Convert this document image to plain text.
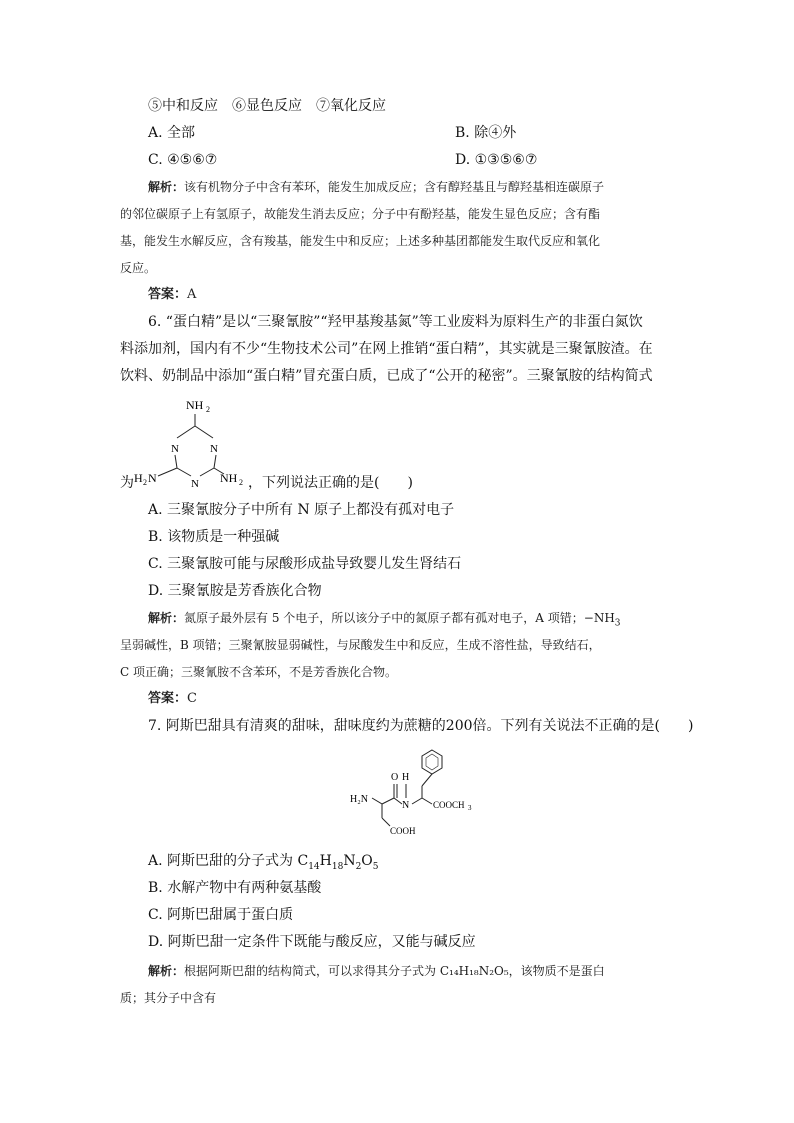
⑤中和反应　⑥显色反应　⑦氧化反应
A. 全部	B. 除④外
C. ④⑤⑥⑦	D. ①③⑤⑥⑦
解析：该有机物分子中含有苯环，能发生加成反应；含有醇羟基且与醇羟基相连碳原子
的邻位碳原子上有氢原子，故能发生消去反应；分子中有酚羟基，能发生显色反应；含有酯
基，能发生水解反应，含有羧基，能发生中和反应；上述多种基团都能发生取代反应和氧化
反应。
答案：A
6. “蛋白精”是以“三聚氰胺”“羟甲基羧基氮”等工业废料为原料生产的非蛋白氮饮
料添加剂，国内有不少“生物技术公司”在网上推销“蛋白精”，其实就是三聚氰胺渣。在
饮料、奶制品中添加“蛋白精”冒充蛋白质，已成了“公开的秘密”。三聚氰胺的结构简式
NH 2
N	N
N
H 2 N	NH 2
为	，下列说法正确的是(　　)
A. 三聚氰胺分子中所有 N 原子上都没有孤对电子
B. 该物质是一种强碱
C. 三聚氰胺可能与尿酸形成盐导致婴儿发生肾结石
D. 三聚氰胺是芳香族化合物
解析：氮原子最外层有 5 个电子，所以该分子中的氮原子都有孤对电子，A 项错；$-NH_3$
呈弱碱性，B 项错；三聚氰胺显弱碱性，与尿酸发生中和反应，生成不溶性盐，导致结石，
C 项正确；三聚氰胺不含苯环，不是芳香族化合物。
答案：C
7. 阿斯巴甜具有清爽的甜味，甜味度约为蔗糖的200倍。下列有关说法不正确的是(　　)
H₂N
O
N
H
COOCH 3
COOH
A. 阿斯巴甜的分子式为 $C_{14}H_{18}N_2O_5$
B. 水解产物中有两种氨基酸
C. 阿斯巴甜属于蛋白质
D. 阿斯巴甜一定条件下既能与酸反应，又能与碱反应
解析：根据阿斯巴甜的结构简式，可以求得其分子式为 C₁₄H₁₈N₂O₅，该物质不是蛋白
质；其分子中含有
